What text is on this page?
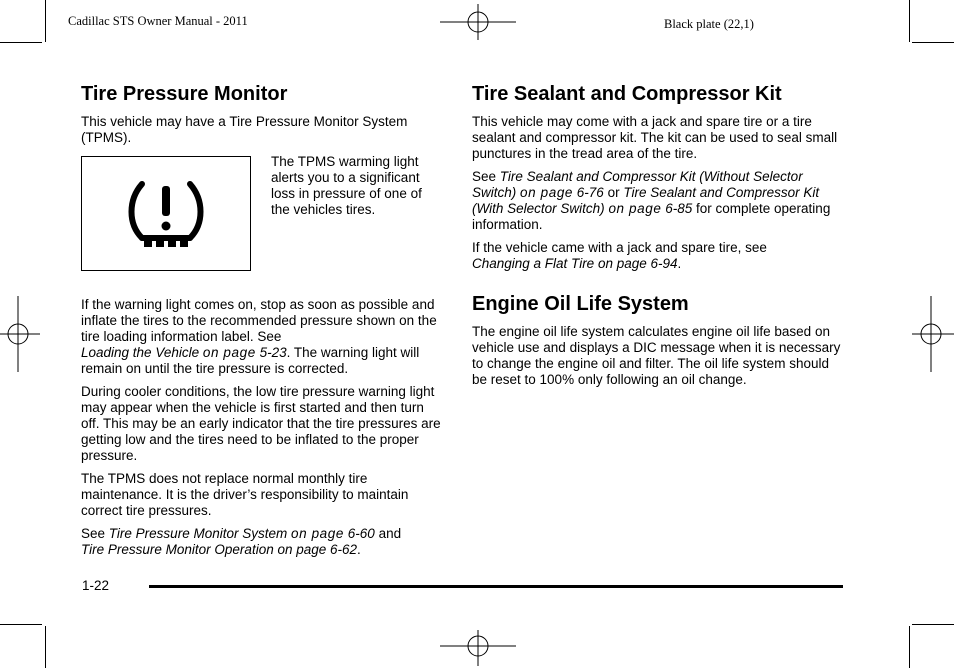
Cadillac STS Owner Manual - 2011	Black plate (22,1)
Tire Pressure Monitor

This vehicle may have a Tire Pressure Monitor System (TPMS).

The TPMS warming light alerts you to a significant loss in pressure of one of the vehicles tires.

If the warning light comes on, stop as soon as possible and inflate the tires to the recommended pressure shown on the tire loading information label. See
Loading the Vehicle on page 5-23. The warning light will remain on until the tire pressure is corrected.

During cooler conditions, the low tire pressure warning light may appear when the vehicle is first started and then turn off. This may be an early indicator that the tire pressures are getting low and the tires need to be inflated to the proper pressure.

The TPMS does not replace normal monthly tire maintenance. It is the driver’s responsibility to maintain correct tire pressures.

See Tire Pressure Monitor System on page 6-60 and
Tire Pressure Monitor Operation on page 6-62.

Tire Sealant and Compressor Kit

This vehicle may come with a jack and spare tire or a tire sealant and compressor kit. The kit can be used to seal small punctures in the tread area of the tire.

See Tire Sealant and Compressor Kit (Without Selector Switch) on page 6-76 or Tire Sealant and Compressor Kit (With Selector Switch) on page 6-85 for complete operating information.

If the vehicle came with a jack and spare tire, see
Changing a Flat Tire on page 6-94.

Engine Oil Life System

The engine oil life system calculates engine oil life based on vehicle use and displays a DIC message when it is necessary to change the engine oil and filter. The oil life system should be reset to 100% only following an oil change.

1-22
